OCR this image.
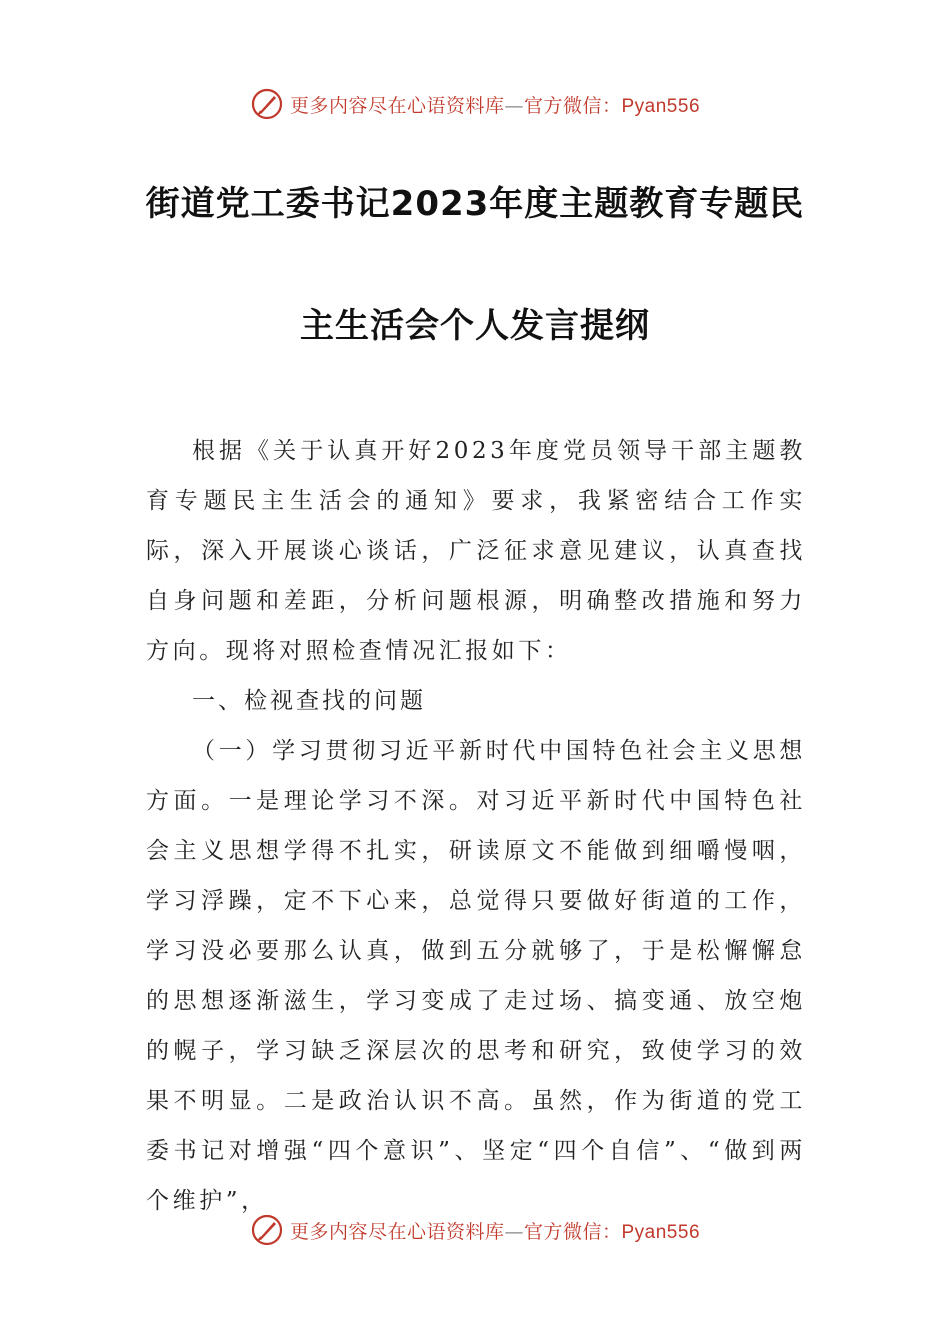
更多内容尽在心语资料库—官方微信：Pyan556
街道党工委书记2023年度主题教育专题民
主生活会个人发言提纲

根据《关于认真开好2023年度党员领导干部主题教育专题民主生活会的通知》要求，我紧密结合工作实际，深入开展谈心谈话，广泛征求意见建议，认真查找自身问题和差距，分析问题根源，明确整改措施和努力方向。现将对照检查情况汇报如下：

一、检视查找的问题

（一）学习贯彻习近平新时代中国特色社会主义思想方面。一是理论学习不深。对习近平新时代中国特色社会主义思想学得不扎实，研读原文不能做到细嚼慢咽，学习浮躁，定不下心来，总觉得只要做好街道的工作，学习没必要那么认真，做到五分就够了，于是松懈懈怠的思想逐渐滋生，学习变成了走过场、搞变通、放空炮的幌子，学习缺乏深层次的思考和研究，致使学习的效果不明显。二是政治认识不高。虽然，作为街道的党工委书记对增强“四个意识”、坚定“四个自信”、“做到两个维护”，

更多内容尽在心语资料库—官方微信：Pyan556
